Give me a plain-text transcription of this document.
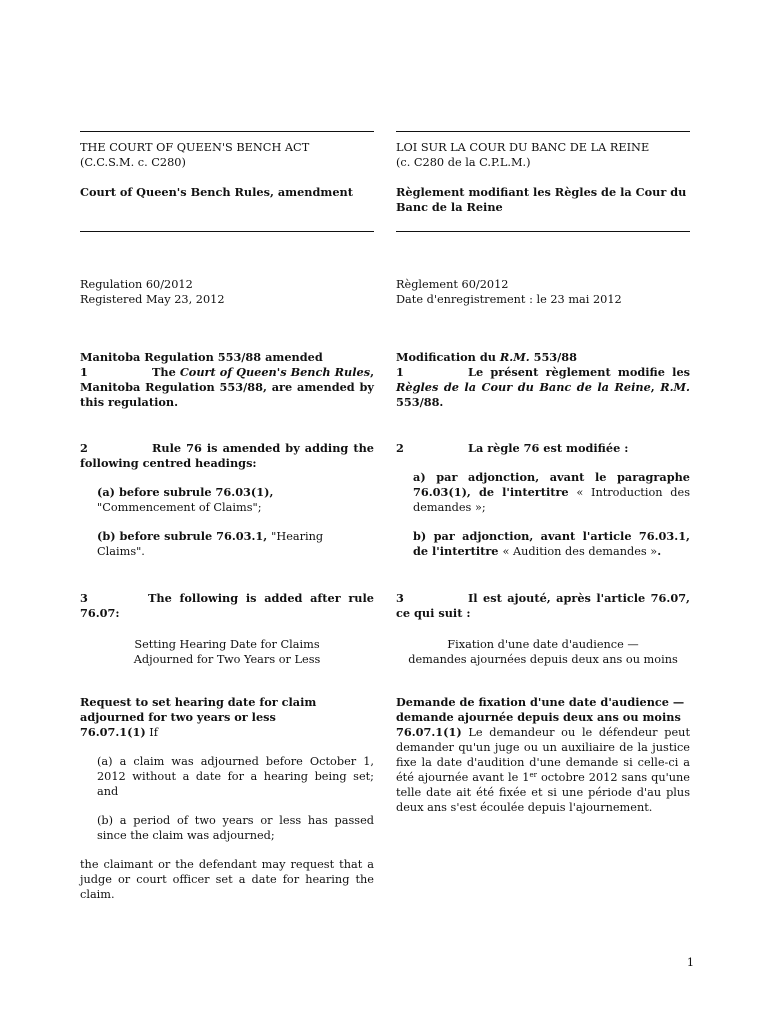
THE COURT OF QUEEN'S BENCH ACT

(C.C.S.M. c. C280)

Court of Queen's Bench Rules, amendment

Regulation 60/2012

Registered May 23, 2012

Manitoba Regulation 553/88 amended

1	The Court of Queen's Bench Rules, Manitoba Regulation 553/88, are amended by this regulation.

2	Rule 76 is amended by adding the following centred headings:

(a) before subrule 76.03(1), "Commencement of Claims";

(b) before subrule 76.03.1, "Hearing Claims".

3	The following is added after rule 76.07:

Setting Hearing Date for Claims

Adjourned for Two Years or Less

Request to set hearing date for claim adjourned for two years or less

76.07.1(1) If

(a) a claim was adjourned before October 1, 2012 without a date for a hearing being set; and

(b) a period of two years or less has passed since the claim was adjourned;

the claimant or the defendant may request that a judge or court officer set a date for hearing the claim.

LOI SUR LA COUR DU BANC DE LA REINE

(c. C280 de la C.P.L.M.)

Règlement modifiant les Règles de la Cour du Banc de la Reine

Règlement 60/2012

Date d'enregistrement : le 23 mai 2012

Modification du R.M. 553/88

1	Le présent règlement modifie les Règles de la Cour du Banc de la Reine, R.M. 553/88.

2	La règle 76 est modifiée :

a) par adjonction, avant le paragraphe 76.03(1), de l'intertitre « Introduction des demandes »;

b) par adjonction, avant l'article 76.03.1, de l'intertitre « Audition des demandes ».

3	Il est ajouté, après l'article 76.07, ce qui suit :

Fixation d'une date d'audience —

demandes ajournées depuis deux ans ou moins

Demande de fixation d'une date d'audience — demande ajournée depuis deux ans ou moins

76.07.1(1) Le demandeur ou le défendeur peut demander qu'un juge ou un auxiliaire de la justice fixe la date d'audition d'une demande si celle-ci a été ajournée avant le 1er octobre 2012 sans qu'une telle date ait été fixée et si une période d'au plus deux ans s'est écoulée depuis l'ajournement.

1
